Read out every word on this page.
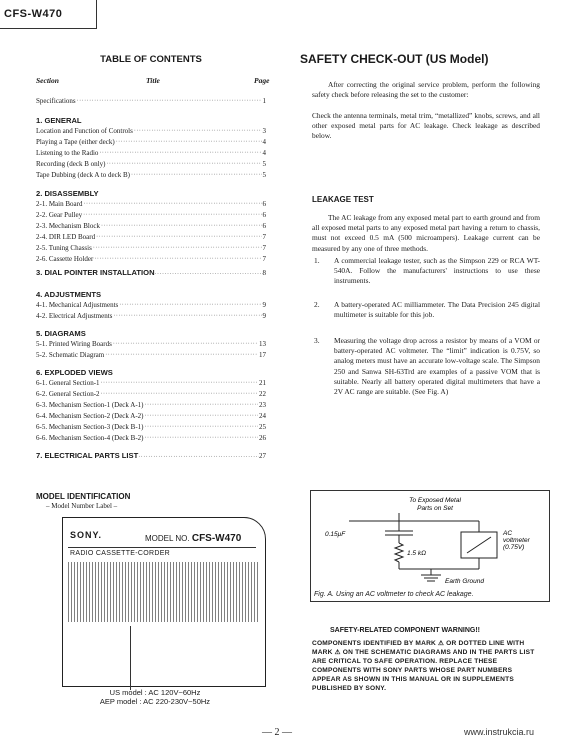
CFS-W470
TABLE OF CONTENTS
Section	Title	Page
Specifications ·····	1
1. GENERAL
Location and Function of Controls ·····	3
Playing a Tape (either deck) ·····	4
Listening to the Radio ·····	4
Recording (deck B only) ·····	5
Tape Dubbing (deck A to deck B) ·····	5
2. DISASSEMBLY
2-1. Main Board ·····	6
2-2. Gear Pulley ·····	6
2-3. Mechanism Block ·····	6
2-4. DIR LED Board ·····	7
2-5. Tuning Chassis ·····	7
2-6. Cassette Holder ·····	7
3. DIAL POINTER INSTALLATION ·····	8
4. ADJUSTMENTS
4-1. Mechanical Adjustments ·····	9
4-2. Electrical Adjustments ·····	9
5. DIAGRAMS
5-1. Printed Wiring Boards ·····	13
5-2. Schematic Diagram ·····	17
6. EXPLODED VIEWS
6-1. General Section-1 ·····	21
6-2. General Section-2 ·····	22
6-3. Mechanism Section-1 (Deck A-1) ·····	23
6-4. Mechanism Section-2 (Deck A-2) ·····	24
6-5. Mechanism Section-3 (Deck B-1) ·····	25
6-6. Mechanism Section-4 (Deck B-2) ·····	26
7. ELECTRICAL PARTS LIST ·····	27
MODEL IDENTIFICATION
– Model Number Label –
SONY.	MODEL NO. CFS-W470
RADIO CASSETTE-CORDER
US model : AC 120V~60Hz
AEP model : AC 220-230V~50Hz
SAFETY CHECK-OUT (US Model)
After correcting the original service problem, perform the following safety check before releasing the set to the customer:
Check the antenna terminals, metal trim, “metallized” knobs, screws, and all other exposed metal parts for AC leakage. Check leakage as described below.
LEAKAGE TEST
The AC leakage from any exposed metal part to earth ground and from all exposed metal parts to any exposed metal part having a return to chassis, must not exceed 0.5 mA (500 microampers). Leakage current can be measured by any one of three methods.
1. A commercial leakage tester, such as the Simpson 229 or RCA WT-540A. Follow the manufacturers' instructions to use these instruments.
2. A battery-operated AC milliammeter. The Data Precision 245 digital multimeter is suitable for this job.
3. Measuring the voltage drop across a resistor by means of a VOM or battery-operated AC voltmeter. The “limit” indication is 0.75V, so analog meters must have an accurate low-voltage scale. The Simpson 250 and Sanwa SH-63Trd are examples of a passive VOM that is suitable. Nearly all battery operated digital multimeters that have a 2V AC range are suitable. (See Fig. A)
To Exposed Metal
Parts on Set
0.15μF
1.5 kΩ
AC
voltmeter
(0.75V)
Earth Ground
Fig. A. Using an AC voltmeter to check AC leakage.
SAFETY-RELATED COMPONENT WARNING!!
COMPONENTS IDENTIFIED BY MARK ⚠ OR DOTTED LINE WITH MARK ⚠ ON THE SCHEMATIC DIAGRAMS AND IN THE PARTS LIST ARE CRITICAL TO SAFE OPERATION. REPLACE THESE COMPONENTS WITH SONY PARTS WHOSE PART NUMBERS APPEAR AS SHOWN IN THIS MANUAL OR IN SUPPLEMENTS PUBLISHED BY SONY.
— 2 —	www.instrukcia.ru
